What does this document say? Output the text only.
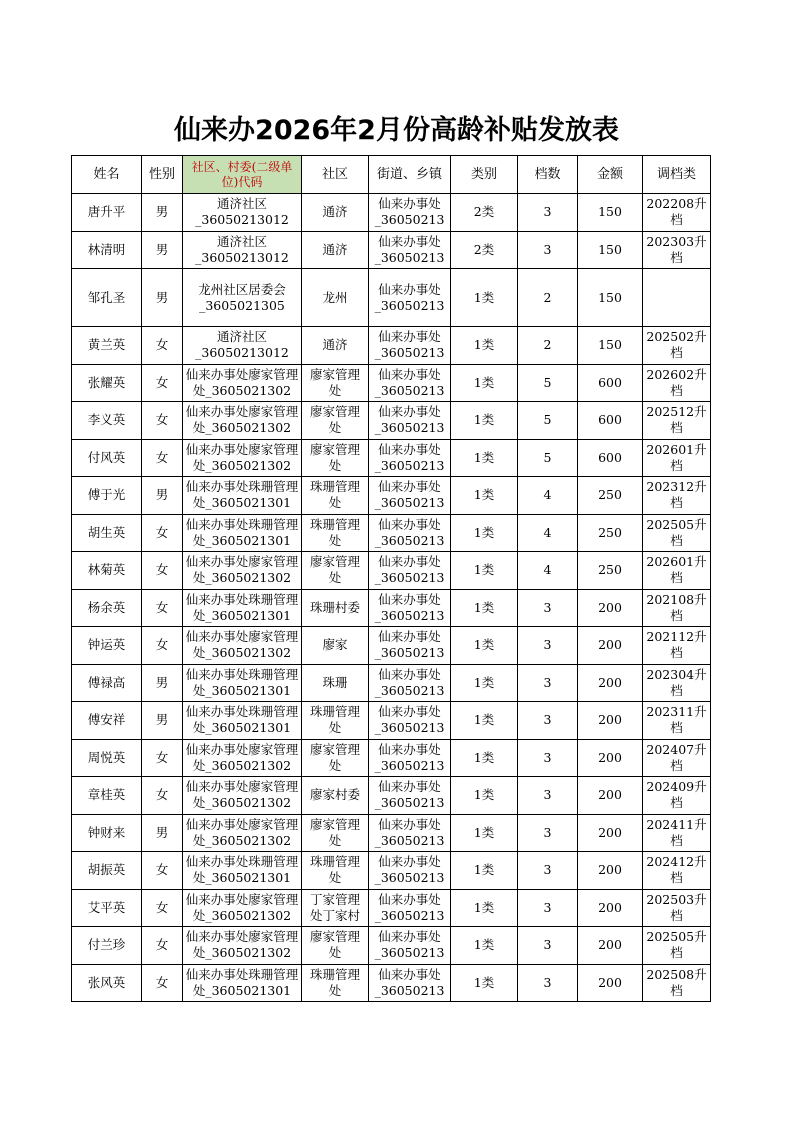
仙来办2026年2月份高龄补贴发放表
姓名	性别	社区、村委(二级单位)代码	社区	街道、乡镇	类别	档数	金额	调档类
唐升平	男	通济社区_36050213012	通济	仙来办事处_36050213	2类	3	150	202208升档
林清明	男	通济社区_36050213012	通济	仙来办事处_36050213	2类	3	150	202303升档
邹孔圣	男	龙州社区居委会_3605021305	龙州	仙来办事处_36050213	1类	2	150	
黄兰英	女	通济社区_36050213012	通济	仙来办事处_36050213	1类	2	150	202502升档
张耀英	女	仙来办事处廖家管理处_3605021302	廖家管理处	仙来办事处_36050213	1类	5	600	202602升档
李义英	女	仙来办事处廖家管理处_3605021302	廖家管理处	仙来办事处_36050213	1类	5	600	202512升档
付风英	女	仙来办事处廖家管理处_3605021302	廖家管理处	仙来办事处_36050213	1类	5	600	202601升档
傅于光	男	仙来办事处珠珊管理处_3605021301	珠珊管理处	仙来办事处_36050213	1类	4	250	202312升档
胡生英	女	仙来办事处珠珊管理处_3605021301	珠珊管理处	仙来办事处_36050213	1类	4	250	202505升档
林菊英	女	仙来办事处廖家管理处_3605021302	廖家管理处	仙来办事处_36050213	1类	4	250	202601升档
杨余英	女	仙来办事处珠珊管理处_3605021301	珠珊村委	仙来办事处_36050213	1类	3	200	202108升档
钟运英	女	仙来办事处廖家管理处_3605021302	廖家	仙来办事处_36050213	1类	3	200	202112升档
傅禄高	男	仙来办事处珠珊管理处_3605021301	珠珊	仙来办事处_36050213	1类	3	200	202304升档
傅安祥	男	仙来办事处珠珊管理处_3605021301	珠珊管理处	仙来办事处_36050213	1类	3	200	202311升档
周悦英	女	仙来办事处廖家管理处_3605021302	廖家管理处	仙来办事处_36050213	1类	3	200	202407升档
章桂英	女	仙来办事处廖家管理处_3605021302	廖家村委	仙来办事处_36050213	1类	3	200	202409升档
钟财来	男	仙来办事处廖家管理处_3605021302	廖家管理处	仙来办事处_36050213	1类	3	200	202411升档
胡振英	女	仙来办事处珠珊管理处_3605021301	珠珊管理处	仙来办事处_36050213	1类	3	200	202412升档
艾平英	女	仙来办事处廖家管理处_3605021302	丁家管理处丁家村	仙来办事处_36050213	1类	3	200	202503升档
付兰珍	女	仙来办事处廖家管理处_3605021302	廖家管理处	仙来办事处_36050213	1类	3	200	202505升档
张风英	女	仙来办事处珠珊管理处_3605021301	珠珊管理处	仙来办事处_36050213	1类	3	200	202508升档
